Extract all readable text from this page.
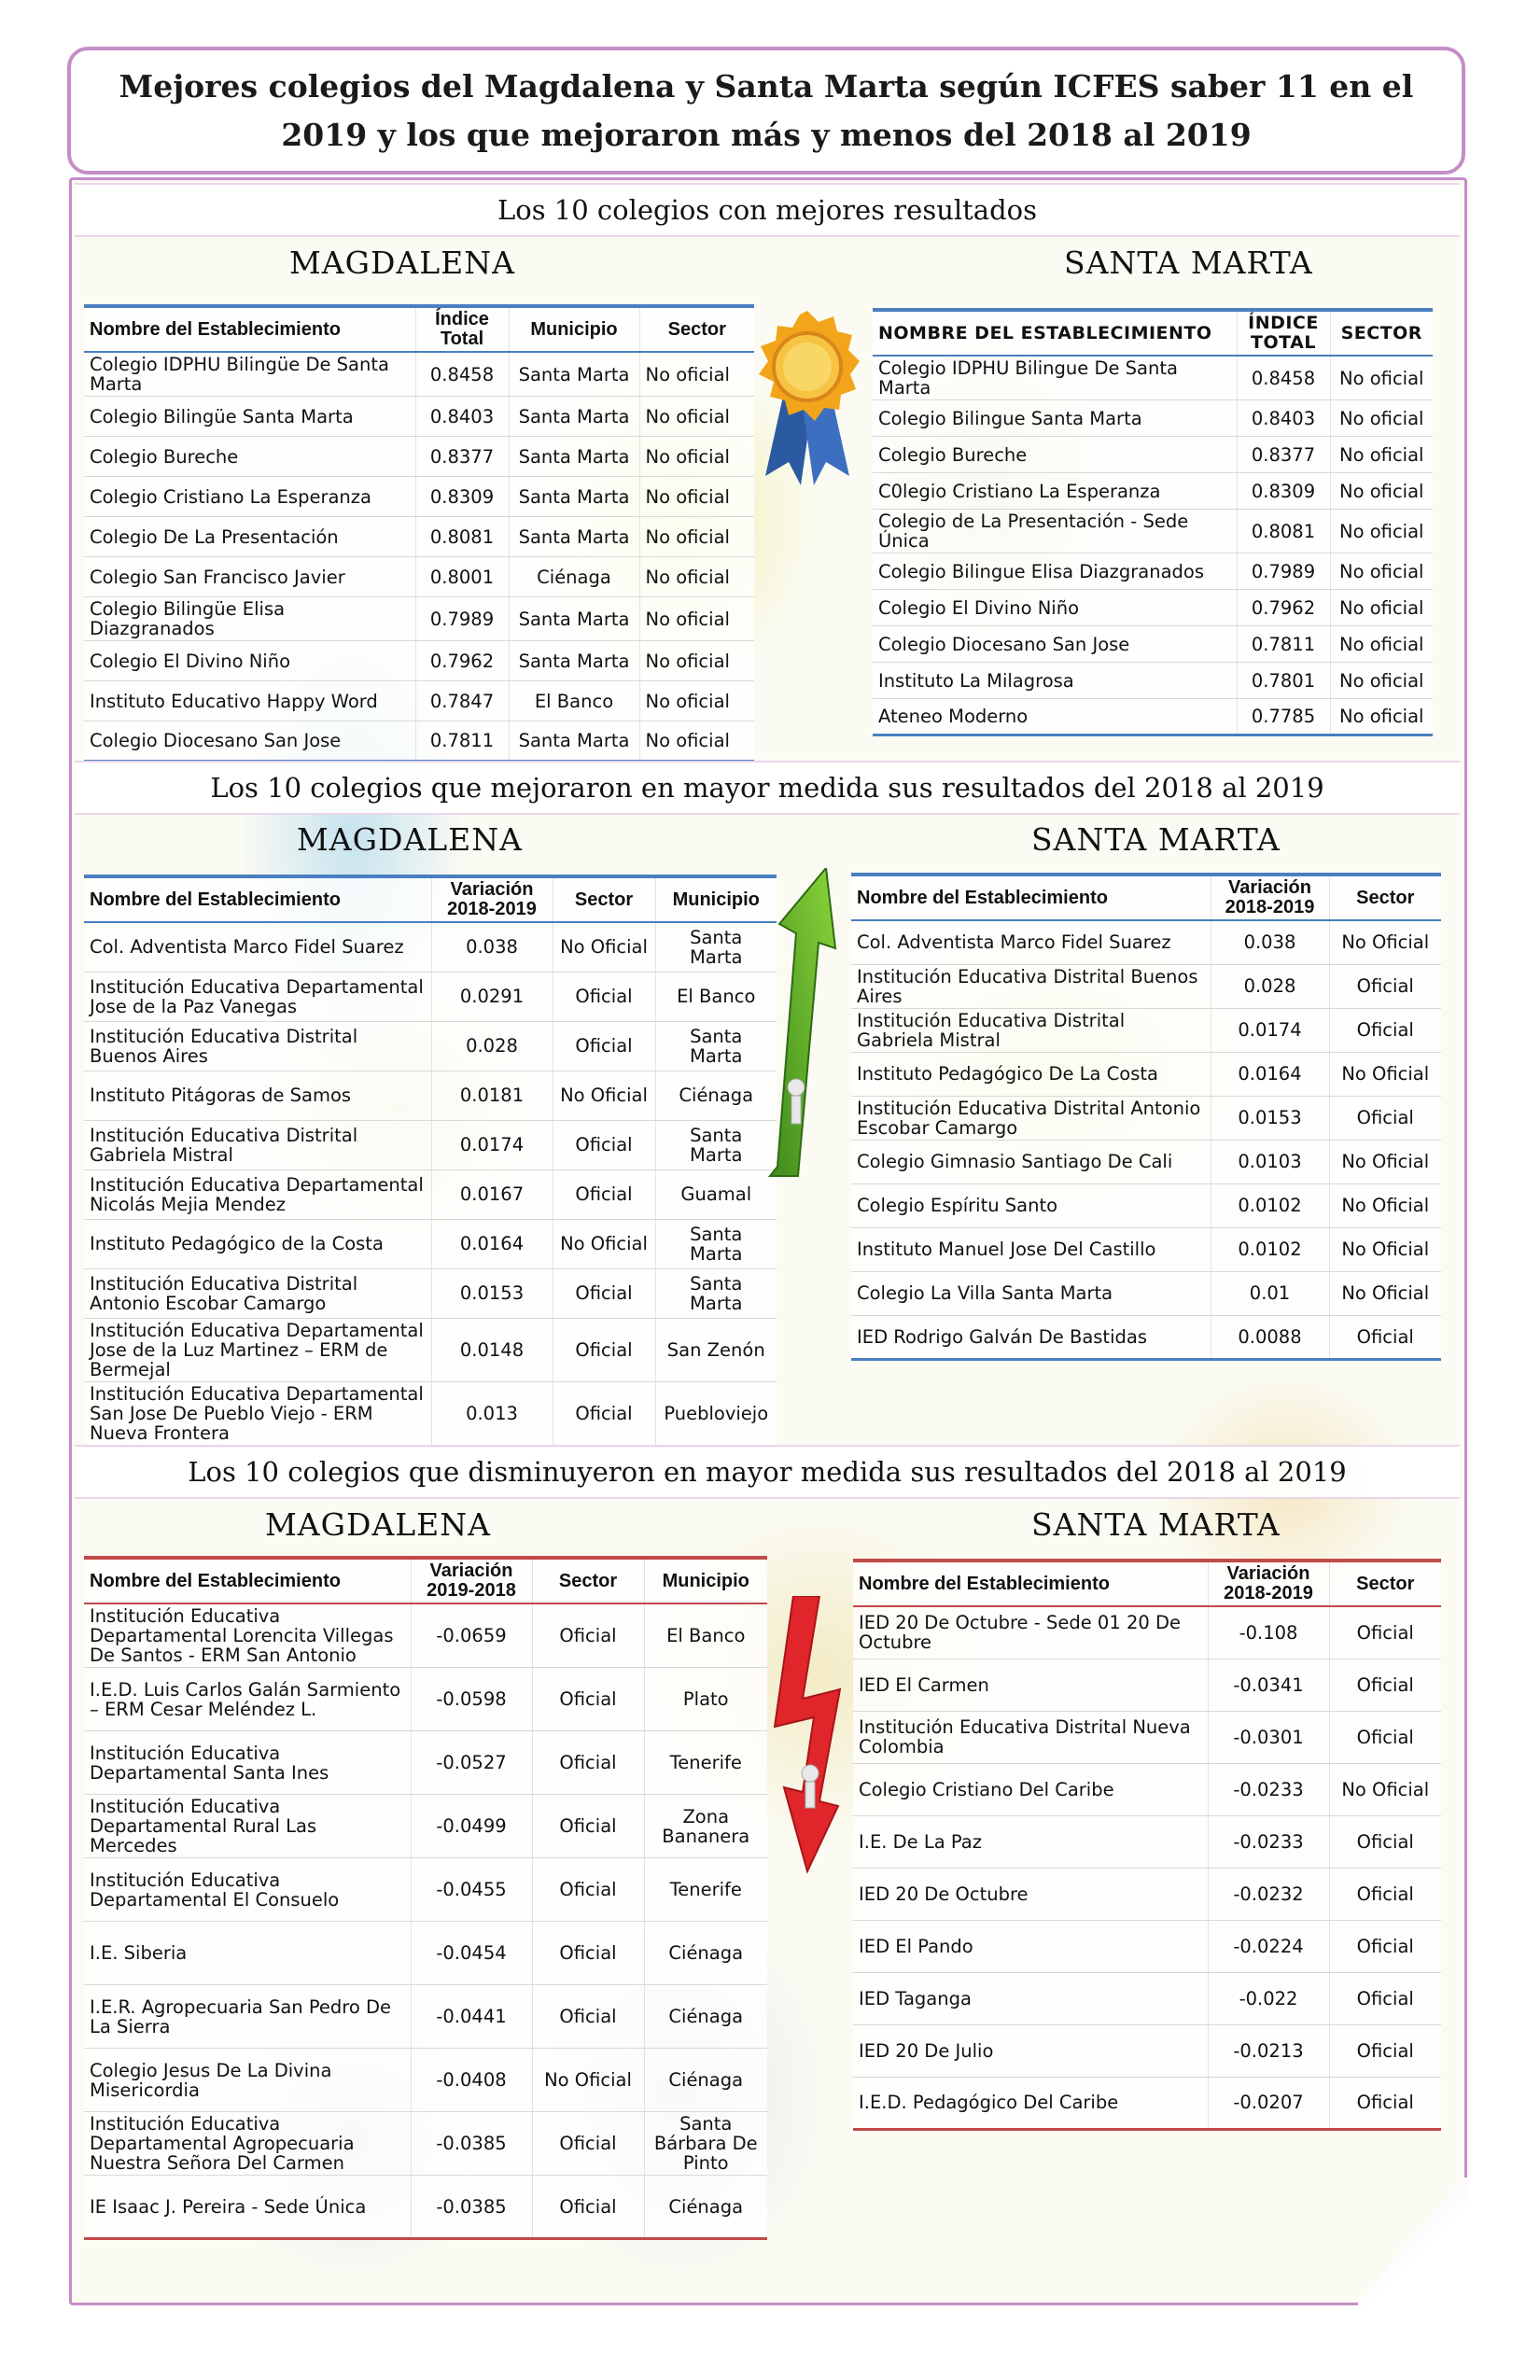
Mejores colegios del Magdalena y Santa Marta según ICFES saber 11 en el 2019 y los que mejoraron más y menos del 2018 al 2019
Los 10 colegios con mejores resultados
MAGDALENA	SANTA MARTA
Nombre del Establecimiento	Índice Total	Municipio	Sector
Colegio IDPHU Bilingüe De Santa Marta	0.8458	Santa Marta	No oficial
Colegio Bilingüe Santa Marta	0.8403	Santa Marta	No oficial
Colegio Bureche	0.8377	Santa Marta	No oficial
Colegio Cristiano La Esperanza	0.8309	Santa Marta	No oficial
Colegio De La Presentación	0.8081	Santa Marta	No oficial
Colegio San Francisco Javier	0.8001	Ciénaga	No oficial
Colegio Bilingüe Elisa Diazgranados	0.7989	Santa Marta	No oficial
Colegio El Divino Niño	0.7962	Santa Marta	No oficial
Instituto Educativo Happy Word	0.7847	El Banco	No oficial
Colegio Diocesano San Jose	0.7811	Santa Marta	No oficial
NOMBRE DEL ESTABLECIMIENTO	ÍNDICE TOTAL	SECTOR
Colegio IDPHU Bilingue De Santa Marta	0.8458	No oficial
Colegio Bilingue Santa Marta	0.8403	No oficial
Colegio Bureche	0.8377	No oficial
C0legio Cristiano La Esperanza	0.8309	No oficial
Colegio de La Presentación - Sede Única	0.8081	No oficial
Colegio Bilingue Elisa Diazgranados	0.7989	No oficial
Colegio El Divino Niño	0.7962	No oficial
Colegio Diocesano San Jose	0.7811	No oficial
Instituto La Milagrosa	0.7801	No oficial
Ateneo Moderno	0.7785	No oficial
Los 10 colegios que mejoraron en mayor medida sus resultados del 2018 al 2019
MAGDALENA	SANTA MARTA
Nombre del Establecimiento	Variación 2018-2019	Sector	Municipio
Col. Adventista Marco Fidel Suarez	0.038	No Oficial	Santa Marta
Institución Educativa Departamental Jose de la Paz Vanegas	0.0291	Oficial	El Banco
Institución Educativa Distrital Buenos Aires	0.028	Oficial	Santa Marta
Instituto Pitágoras de Samos	0.0181	No Oficial	Ciénaga
Institución Educativa Distrital Gabriela Mistral	0.0174	Oficial	Santa Marta
Institución Educativa Departamental Nicolás Mejia Mendez	0.0167	Oficial	Guamal
Instituto Pedagógico de la Costa	0.0164	No Oficial	Santa Marta
Institución Educativa Distrital Antonio Escobar Camargo	0.0153	Oficial	Santa Marta
Institución Educativa Departamental Jose de la Luz Martinez – ERM de Bermejal	0.0148	Oficial	San Zenón
Institución Educativa Departamental San Jose De Pueblo Viejo - ERM Nueva Frontera	0.013	Oficial	Puebloviejo
Nombre del Establecimiento	Variación 2018-2019	Sector
Col. Adventista Marco Fidel Suarez	0.038	No Oficial
Institución Educativa Distrital Buenos Aires	0.028	Oficial
Institución Educativa Distrital Gabriela Mistral	0.0174	Oficial
Instituto Pedagógico De La Costa	0.0164	No Oficial
Institución Educativa Distrital Antonio Escobar Camargo	0.0153	Oficial
Colegio Gimnasio Santiago De Cali	0.0103	No Oficial
Colegio Espíritu Santo	0.0102	No Oficial
Instituto Manuel Jose Del Castillo	0.0102	No Oficial
Colegio La Villa Santa Marta	0.01	No Oficial
IED Rodrigo Galván De Bastidas	0.0088	Oficial
Los 10 colegios que disminuyeron en mayor medida sus resultados del 2018 al 2019
MAGDALENA	SANTA MARTA
Nombre del Establecimiento	Variación 2019-2018	Sector	Municipio
Institución Educativa Departamental Lorencita Villegas De Santos - ERM San Antonio	-0.0659	Oficial	El Banco
I.E.D. Luis Carlos Galán Sarmiento – ERM Cesar Meléndez L.	-0.0598	Oficial	Plato
Institución Educativa Departamental Santa Ines	-0.0527	Oficial	Tenerife
Institución Educativa Departamental Rural Las Mercedes	-0.0499	Oficial	Zona Bananera
Institución Educativa Departamental El Consuelo	-0.0455	Oficial	Tenerife
I.E. Siberia	-0.0454	Oficial	Ciénaga
I.E.R. Agropecuaria San Pedro De La Sierra	-0.0441	Oficial	Ciénaga
Colegio Jesus De La Divina Misericordia	-0.0408	No Oficial	Ciénaga
Institución Educativa Departamental Agropecuaria Nuestra Señora Del Carmen	-0.0385	Oficial	Santa Bárbara De Pinto
IE Isaac J. Pereira - Sede Única	-0.0385	Oficial	Ciénaga
Nombre del Establecimiento	Variación 2018-2019	Sector
IED 20 De Octubre - Sede 01 20 De Octubre	-0.108	Oficial
IED El Carmen	-0.0341	Oficial
Institución Educativa Distrital Nueva Colombia	-0.0301	Oficial
Colegio Cristiano Del Caribe	-0.0233	No Oficial
I.E. De La Paz	-0.0233	Oficial
IED 20 De Octubre	-0.0232	Oficial
IED El Pando	-0.0224	Oficial
IED Taganga	-0.022	Oficial
IED 20 De Julio	-0.0213	Oficial
I.E.D. Pedagógico Del Caribe	-0.0207	Oficial
